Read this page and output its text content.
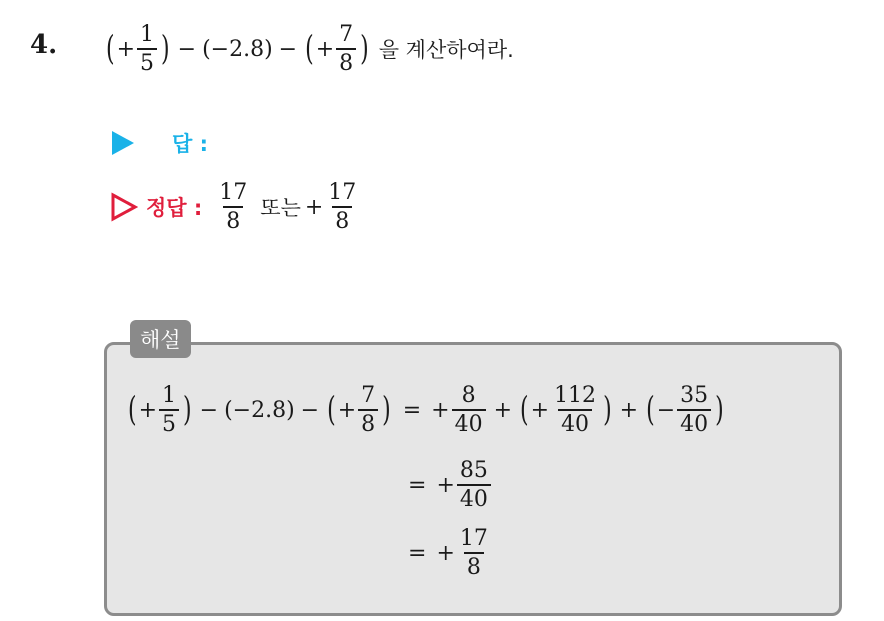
4. ( + $\frac{1}{5}$ ) − (−2.8) − ( + $\frac{7}{8}$ ) 을 계산하여라.
답 :
정답 : $\frac{17}{8}$ 또는 + $\frac{17}{8}$
해설
( + $\frac{1}{5}$ ) − (−2.8) − ( + $\frac{7}{8}$ ) = + $\frac{8}{40}$ + ( + $\frac{112}{40}$ ) + ( − $\frac{35}{40}$ )
= + $\frac{85}{40}$
= + $\frac{17}{8}$
